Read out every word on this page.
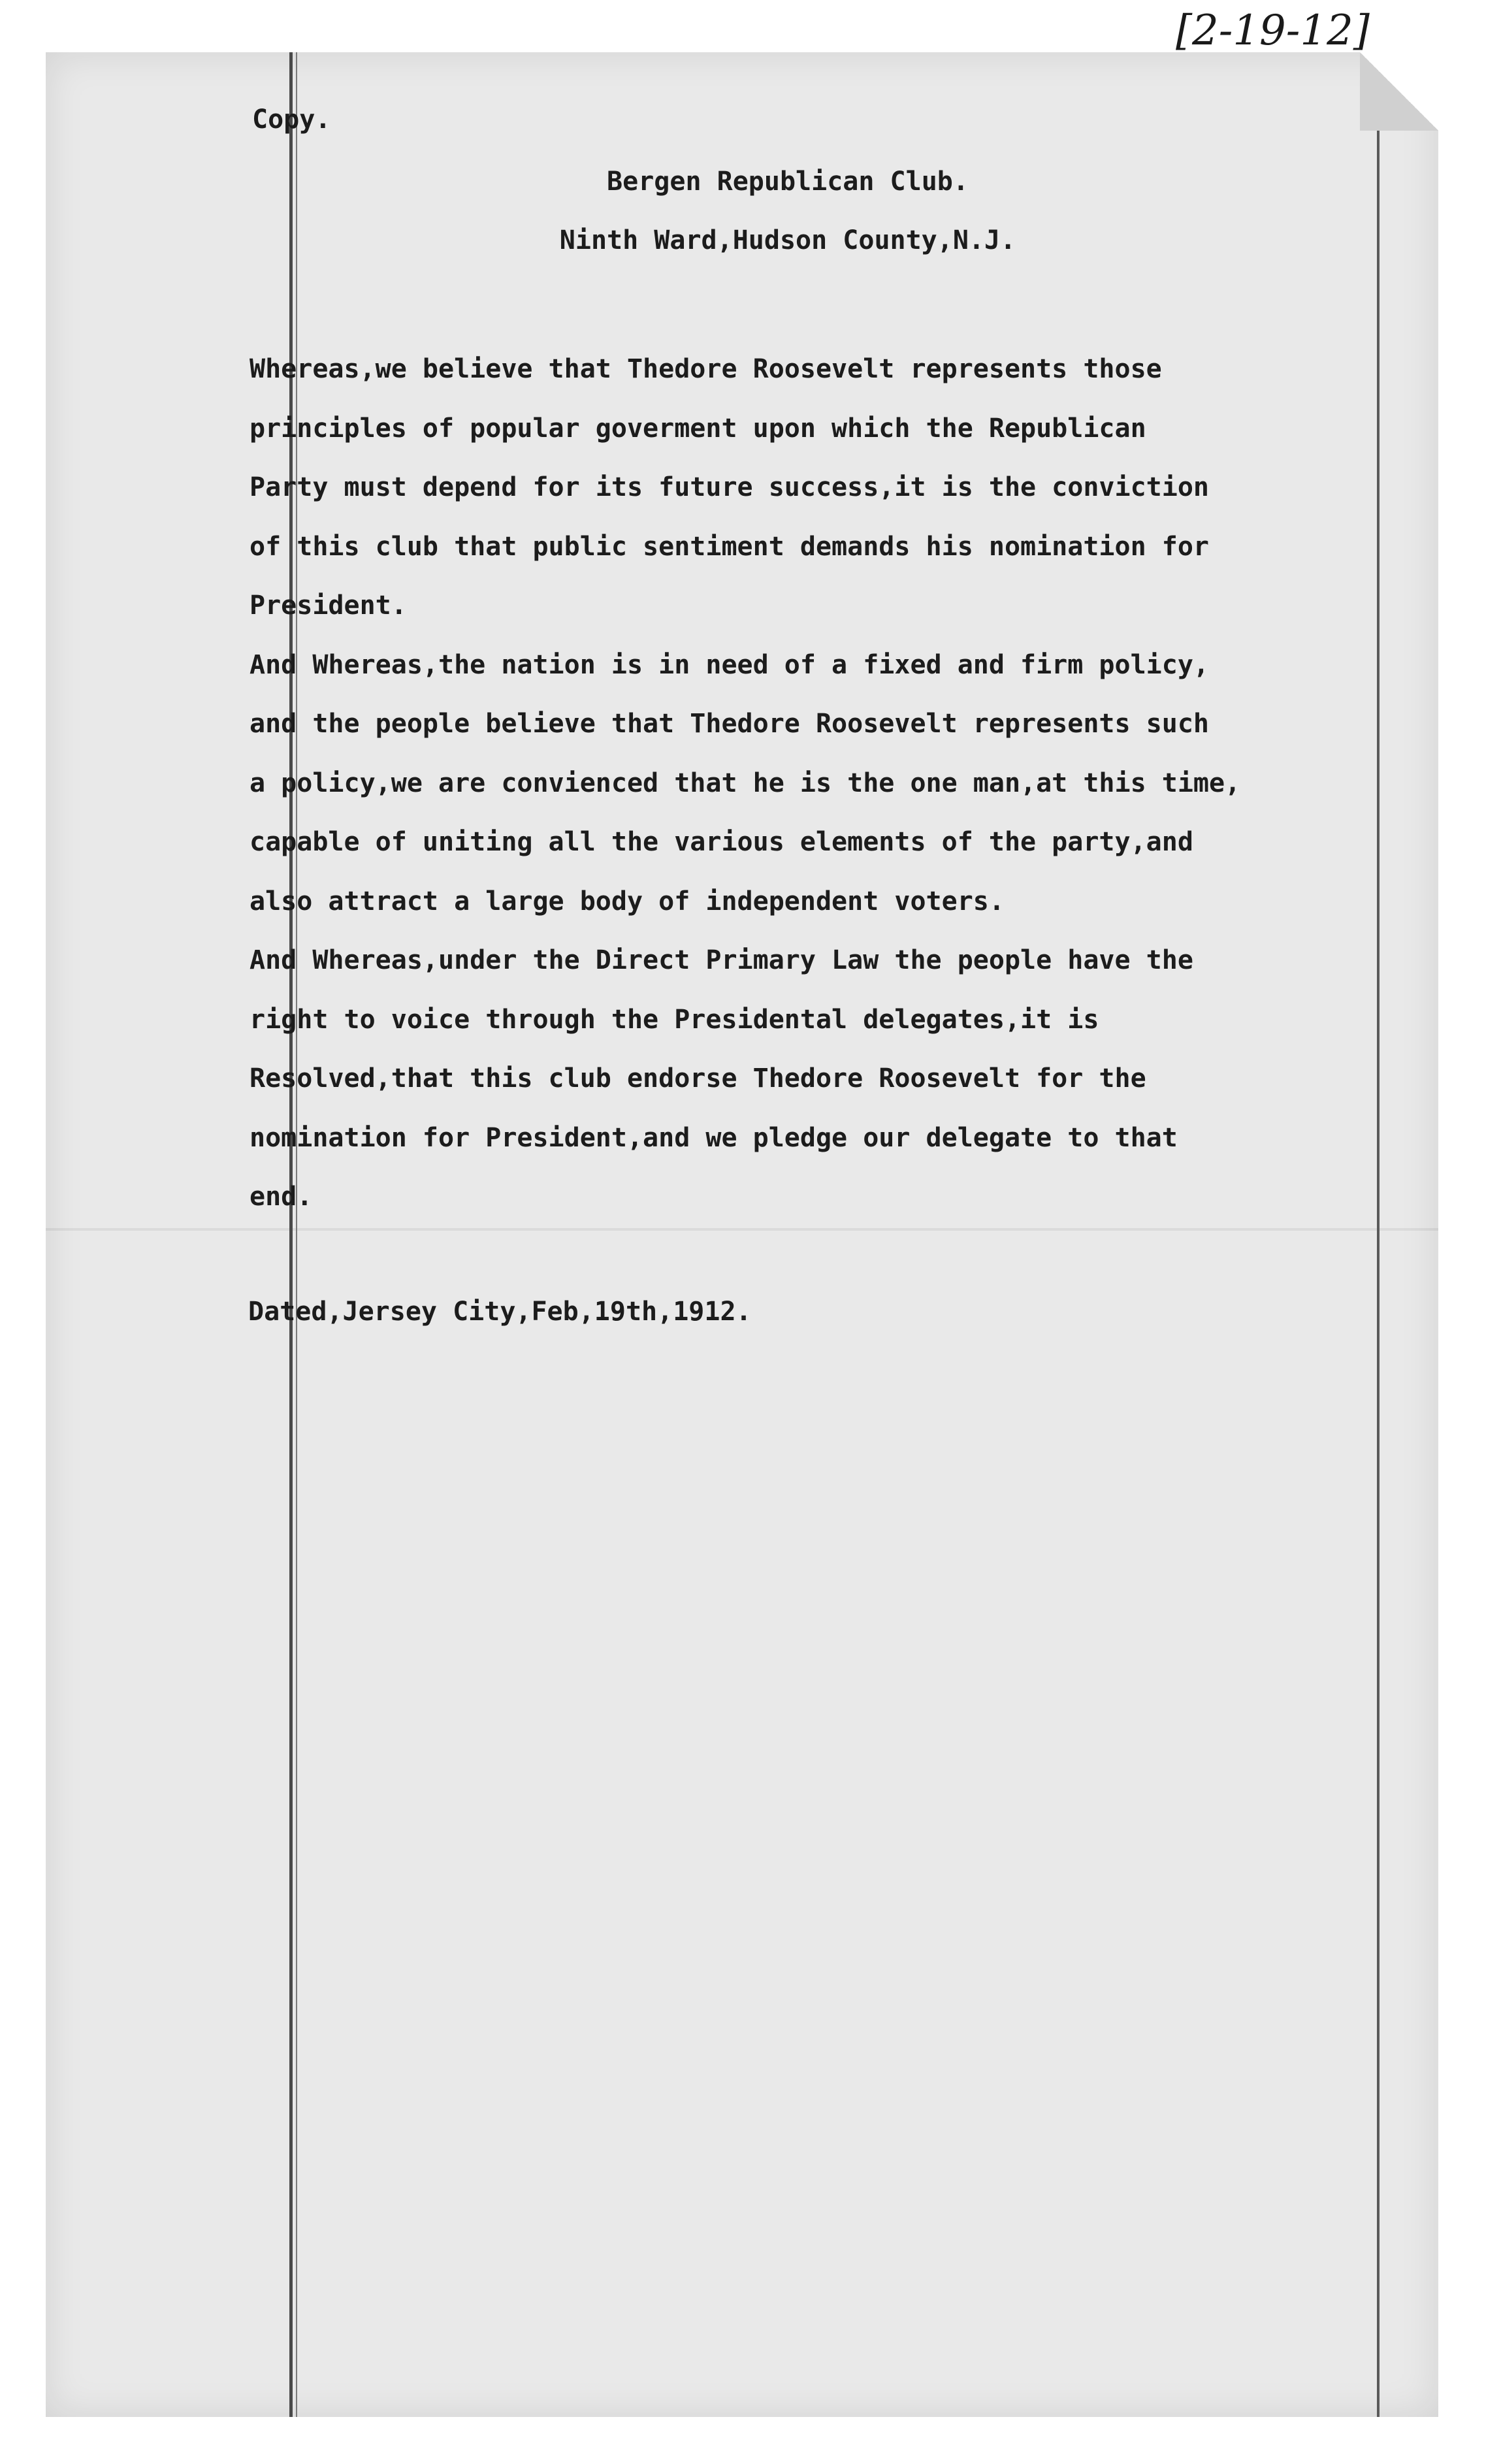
[2-19-12]

Copy.

Bergen Republican Club.

Ninth Ward,Hudson County,N.J.

Whereas,we believe that Thedore Roosevelt represents those
principles of popular goverment upon which the Republican
Party must depend for its future success,it is the conviction
of this club that public sentiment demands his nomination for
President.
And Whereas,the nation is in need of a fixed and firm policy,
and the people believe that Thedore Roosevelt represents such
a policy,we are convienced that he is the one man,at this time,
capable of uniting all the various elements of the party,and
also attract a large body of independent voters.
And Whereas,under the Direct Primary Law the people have the
right to voice through the Presidental delegates,it is
Resolved,that this club endorse Thedore Roosevelt for the
nomination for President,and we pledge our delegate to that
end.

Dated,Jersey City,Feb,19th,1912.
